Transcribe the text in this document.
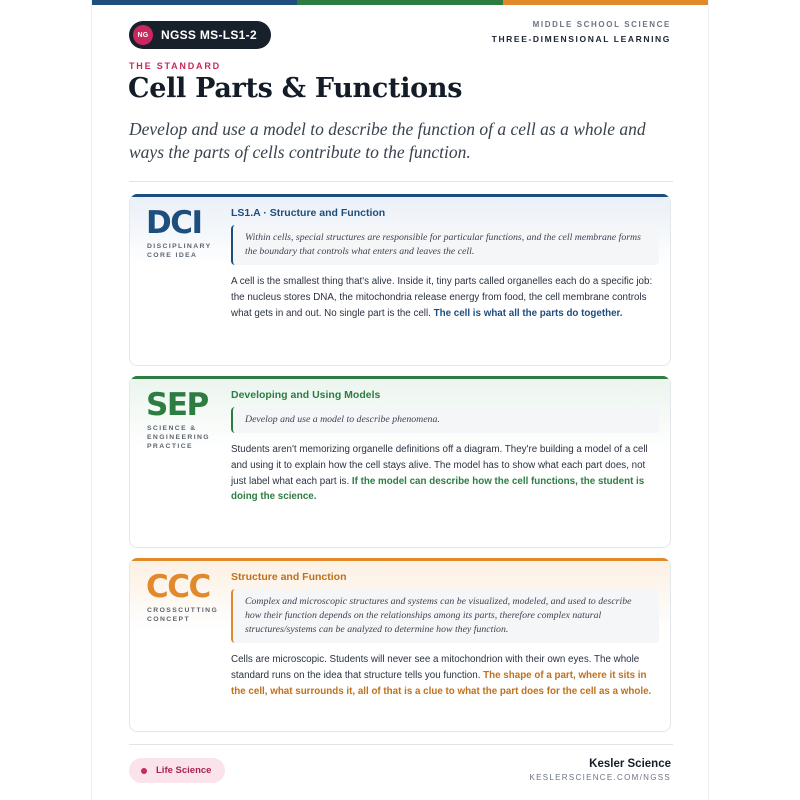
NG	NGSS MS-LS1-2
MIDDLE SCHOOL SCIENCE
THREE-DIMENSIONAL LEARNING
THE STANDARD
Cell Parts & Functions

Develop and use a model to describe the function of a cell as a whole and ways the parts of cells contribute to the function.

DCI
DISCIPLINARY CORE IDEA
LS1.A · Structure and Function
Within cells, special structures are responsible for particular functions, and the cell membrane forms the boundary that controls what enters and leaves the cell.
A cell is the smallest thing that's alive. Inside it, tiny parts called organelles each do a specific job: the nucleus stores DNA, the mitochondria release energy from food, the cell membrane controls what gets in and out. No single part is the cell. The cell is what all the parts do together.
SEP
SCIENCE & ENGINEERING PRACTICE
Developing and Using Models
Develop and use a model to describe phenomena.
Students aren't memorizing organelle definitions off a diagram. They're building a model of a cell and using it to explain how the cell stays alive. The model has to show what each part does, not just label what each part is. If the model can describe how the cell functions, the student is doing the science.
CCC
CROSSCUTTING CONCEPT
Structure and Function
Complex and microscopic structures and systems can be visualized, modeled, and used to describe how their function depends on the relationships among its parts, therefore complex natural structures/systems can be analyzed to determine how they function.
Cells are microscopic. Students will never see a mitochondrion with their own eyes. The whole standard runs on the idea that structure tells you function. The shape of a part, where it sits in the cell, what surrounds it, all of that is a clue to what the part does for the cell as a whole.
Life Science
Kesler Science
KESLERSCIENCE.COM/NGSS
